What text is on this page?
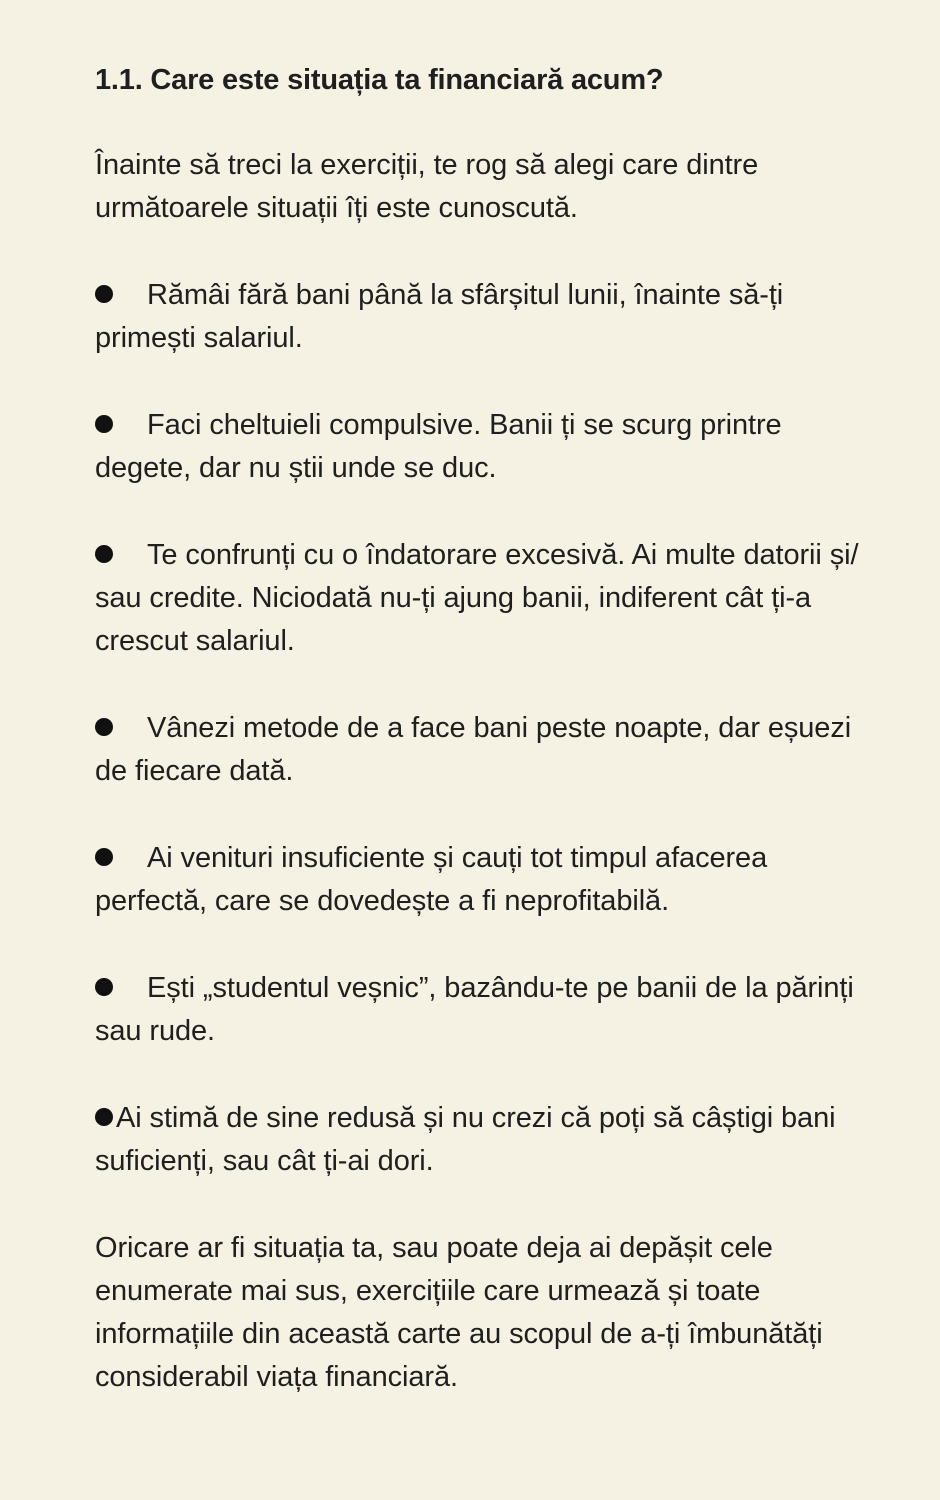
1.1. Care este situația ta financiară acum?

Înainte să treci la exerciții, te rog să alegi care dintre următoarele situații îți este cunoscută.

Rămâi fără bani până la sfârșitul lunii, înainte să-ți primești salariul.

Faci cheltuieli compulsive. Banii ți se scurg printre degete, dar nu știi unde se duc.

Te confrunți cu o îndatorare excesivă. Ai multe datorii și/ sau credite. Niciodată nu-ți ajung banii, indiferent cât ți-a crescut salariul.

Vânezi metode de a face bani peste noapte, dar eșuezi de fiecare dată.

Ai venituri insuficiente și cauți tot timpul afacerea perfectă, care se dovedește a fi neprofitabilă.

Ești „studentul veșnic”, bazându-te pe banii de la părinți sau rude.

Ai stimă de sine redusă și nu crezi că poți să câștigi bani suficienți, sau cât ți-ai dori.

Oricare ar fi situația ta, sau poate deja ai depășit cele enumerate mai sus, exercițiile care urmează și toate informațiile din această carte au scopul de a-ți îmbunătăți considerabil viața financiară.
